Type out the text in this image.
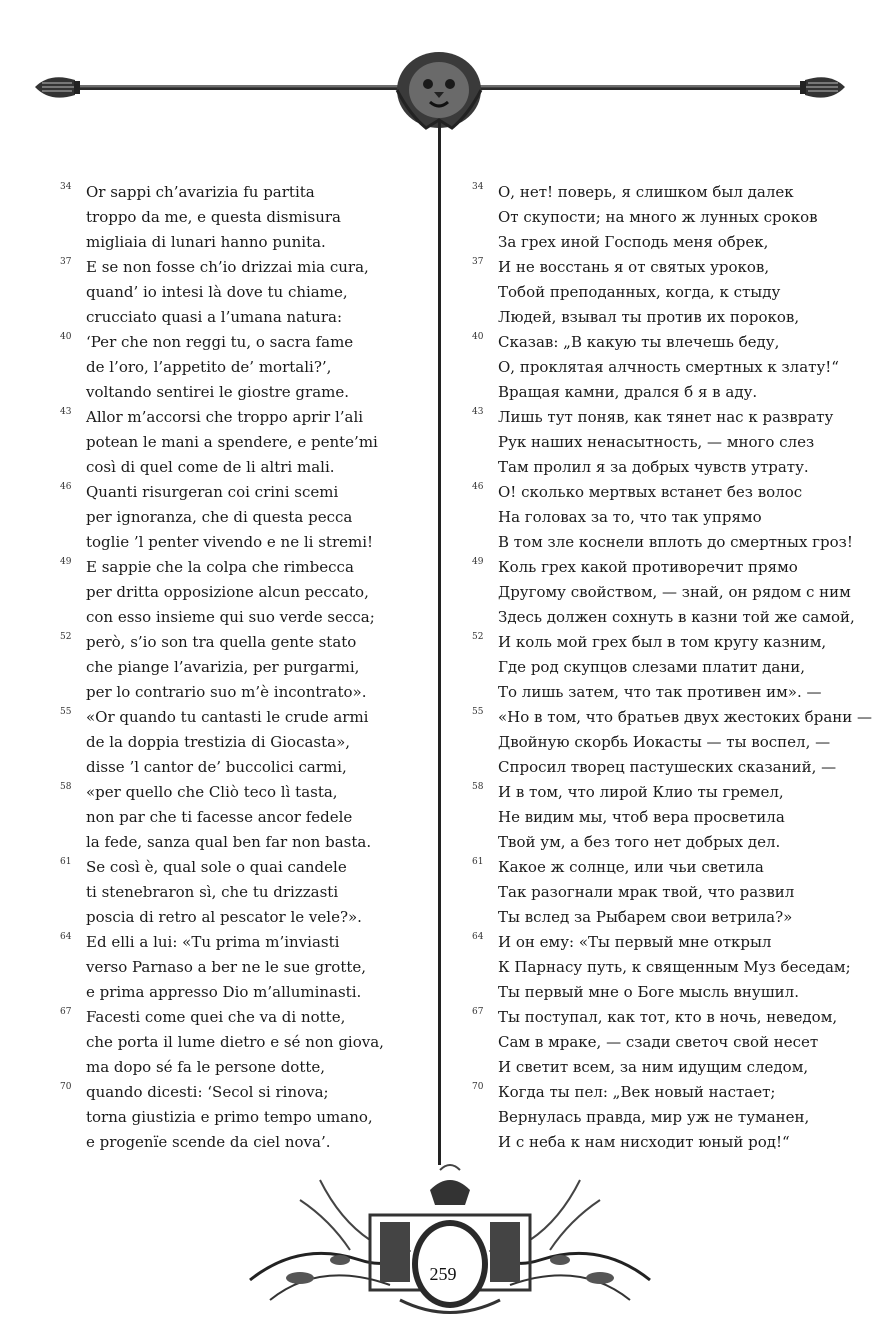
34 Or sappi ch’avarizia fu partita
troppo da me, e questa dismisura
migliaia di lunari hanno punita.
37 E se non fosse ch’io drizzai mia cura,
quand’ io intesi là dove tu chiame,
crucciato quasi a l’umana natura:
40 ‘Per che non reggi tu, o sacra fame
de l’oro, l’appetito de’ mortali?’,
voltando sentirei le giostre grame.
43 Allor m’accorsi che troppo aprir l’ali
potean le mani a spendere, e pente’mi
così di quel come de li altri mali.
46 Quanti risurgeran coi crini scemi
per ignoranza, che di questa pecca
toglie ’l penter vivendo e ne li stremi!
49 E sappie che la colpa che rimbecca
per dritta opposizione alcun peccato,
con esso insieme qui suo verde secca;
52 però, s’io son tra quella gente stato
che piange l’avarizia, per purgarmi,
per lo contrario suo m’è incontrato».
55 «Or quando tu cantasti le crude armi
de la doppia trestizia di Giocasta»,
disse ’l cantor de’ buccolici carmi,
58 «per quello che Cliò teco lì tasta,
non par che ti facesse ancor fedele
la fede, sanza qual ben far non basta.
61 Se così è, qual sole o quai candele
ti stenebraron sì, che tu drizzasti
poscia di retro al pescator le vele?».
64 Ed elli a lui: «Tu prima m’inviasti
verso Parnaso a ber ne le sue grotte,
e prima appresso Dio m’alluminasti.
67 Facesti come quei che va di notte,
che porta il lume dietro e sé non giova,
ma dopo sé fa le persone dotte,
70 quando dicesti: ‘Secol si rinova;
torna giustizia e primo tempo umano,
e progenïe scende da ciel nova’.
34 О, нет! поверь, я слишком был далек
От скупости; на много ж лунных сроков
За грех иной Господь меня обрек,
37 И не восстань я от святых уроков,
Тобой преподанных, когда, к стыду
Людей, взывал ты против их пороков,
40 Сказав: „В какую ты влечешь беду,
О, проклятая алчность смертных к злату!“
Вращая камни, дрался б я в аду.
43 Лишь тут поняв, как тянет нас к разврату
Рук наших ненасытность, — много слез
Там пролил я за добрых чувств утрату.
46 О! сколько мертвых встанет без волос
На головах за то, что так упрямо
В том зле коснели вплоть до смертных гроз!
49 Коль грех какой противоречит прямо
Другому свойством, — знай, он рядом с ним
Здесь должен сохнуть в казни той же самой,
52 И коль мой грех был в том кругу казним,
Где род скупцов слезами платит дани,
То лишь затем, что так противен им». —
55 «Но в том, что братьев двух жестоких брани —
Двойную скорбь Иокасты — ты воспел, —
Спросил творец пастушеских сказаний, —
58 И в том, что лирой Клио ты гремел,
Не видим мы, чтоб вера просветила
Твой ум, а без того нет добрых дел.
61 Какое ж солнце, или чьи светила
Так разогнали мрак твой, что развил
Ты вслед за Рыбарем свои ветрила?»
64 И он ему: «Ты первый мне открыл
К Парнасу путь, к священным Муз беседам;
Ты первый мне о Боге мысль внушил.
67 Ты поступал, как тот, кто в ночь, неведом,
Сам в мраке, — сзади светоч свой несет
И светит всем, за ним идущим следом,
70 Когда ты пел: „Век новый настает;
Вернулась правда, мир уж не туманен,
И с неба к нам нисходит юный род!“
259
